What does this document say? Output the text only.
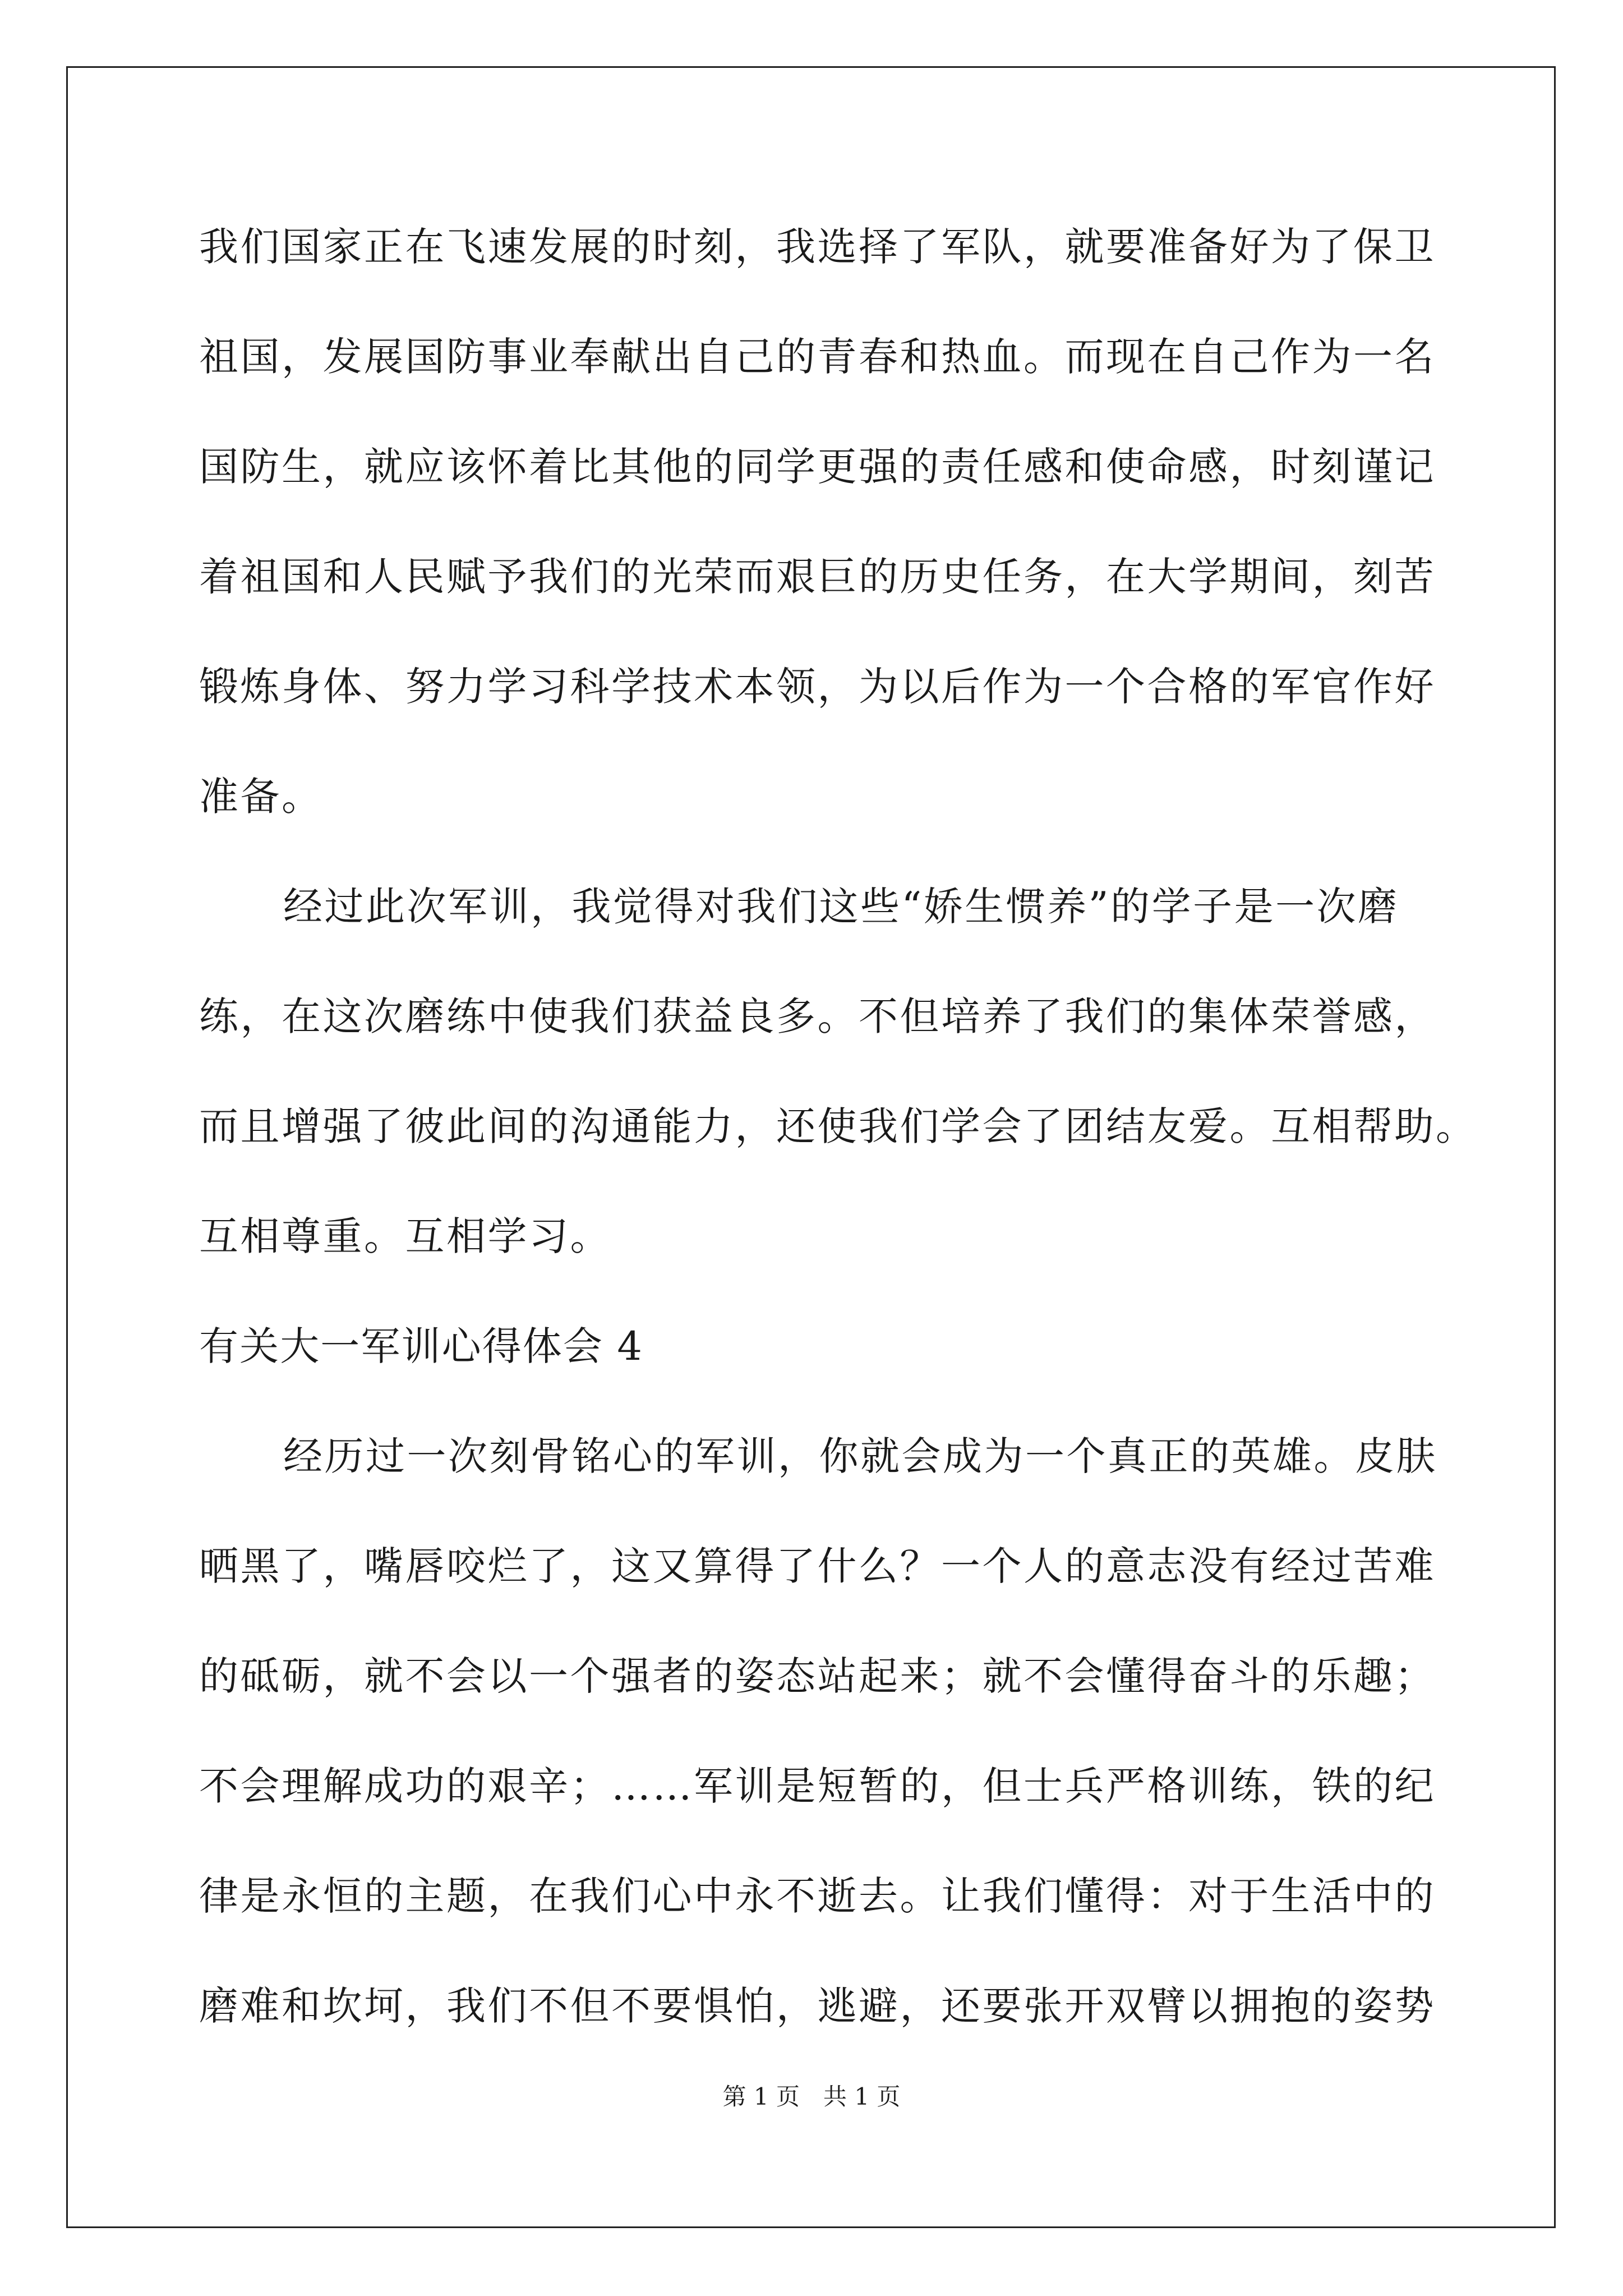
我们国家正在飞速发展的时刻，我选择了军队，就要准备好为了保卫
祖国，发展国防事业奉献出自己的青春和热血。而现在自己作为一名
国防生，就应该怀着比其他的同学更强的责任感和使命感，时刻谨记
着祖国和人民赋予我们的光荣而艰巨的历史任务，在大学期间，刻苦
锻炼身体、努力学习科学技术本领，为以后作为一个合格的军官作好
准备。
经过此次军训，我觉得对我们这些“娇生惯养”的学子是一次磨
练，在这次磨练中使我们获益良多。不但培养了我们的集体荣誉感，
而且增强了彼此间的沟通能力，还使我们学会了团结友爱。互相帮助。
互相尊重。互相学习。
有关大一军训心得体会 4
经历过一次刻骨铭心的军训，你就会成为一个真正的英雄。皮肤
晒黑了，嘴唇咬烂了，这又算得了什么？一个人的意志没有经过苦难
的砥砺，就不会以一个强者的姿态站起来；就不会懂得奋斗的乐趣；
不会理解成功的艰辛；……军训是短暂的，但士兵严格训练，铁的纪
律是永恒的主题，在我们心中永不逝去。让我们懂得：对于生活中的
磨难和坎坷，我们不但不要惧怕，逃避，还要张开双臂以拥抱的姿势
第 1 页　共 1 页
